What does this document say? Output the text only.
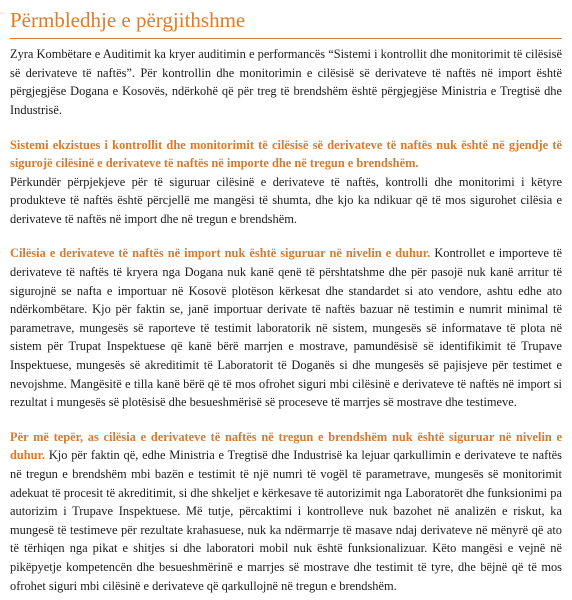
Përmbledhje e përgjithshme

Zyra Kombëtare e Auditimit ka kryer auditimin e performancës “Sistemi i kontrollit dhe monitorimit të cilësisë së derivateve të naftës”. Për kontrollin dhe monitorimin e cilësisë së derivateve të naftës në import është përgjegjëse Dogana e Kosovës, ndërkohë që për treg të brendshëm është përgjegjëse Ministria e Tregtisë dhe Industrisë.

Sistemi ekzistues i kontrollit dhe monitorimit të cilësisë së derivateve të naftës nuk është në gjendje të sigurojë cilësinë e derivateve të naftës në importe dhe në tregun e brendshëm.

Përkundër përpjekjeve për të siguruar cilësinë e derivateve të naftës, kontrolli dhe monitorimi i këtyre produkteve të naftës është përcjellë me mangësi të shumta, dhe kjo ka ndikuar që të mos sigurohet cilësia e derivateve të naftës në import dhe në tregun e brendshëm.

Cilësia e derivateve të naftës në import nuk është siguruar në nivelin e duhur. Kontrollet e importeve të derivateve të naftës të kryera nga Dogana nuk kanë qenë të përshtatshme dhe për pasojë nuk kanë arritur të sigurojnë se nafta e importuar në Kosovë plotëson kërkesat dhe standardet si ato vendore, ashtu edhe ato ndërkombëtare. Kjo për faktin se, janë importuar derivate të naftës bazuar në testimin e numrit minimal të parametrave, mungesës së raporteve të testimit laboratorik në sistem, mungesës së informatave të plota në sistem për Trupat Inspektuese që kanë bërë marrjen e mostrave, pamundësisë së identifikimit të Trupave Inspektuese, mungesës së akreditimit të Laboratorit të Doganës si dhe mungesës së pajisjeve për testimet e nevojshme. Mangësitë e tilla kanë bërë që të mos ofrohet siguri mbi cilësinë e derivateve të naftës në import si rezultat i mungesës së plotësisë dhe besueshmërisë së proceseve të marrjes së mostrave dhe testimeve.

Për më tepër, as cilësia e derivateve të naftës në tregun e brendshëm nuk është siguruar në nivelin e duhur. Kjo për faktin që, edhe Ministria e Tregtisë dhe Industrisë ka lejuar qarkullimin e derivateve te naftës në tregun e brendshëm mbi bazën e testimit të një numri të vogël të parametrave, mungesës së monitorimit adekuat të procesit të akreditimit, si dhe shkeljet e kërkesave të autorizimit nga Laboratorët dhe funksionimi pa autorizim i Trupave Inspektuese. Më tutje, përcaktimi i kontrolleve nuk bazohet në analizën e riskut, ka mungesë të testimeve për rezultate krahasuese, nuk ka ndërmarrje të masave ndaj derivateve në mënyrë që ato të tërhiqen nga pikat e shitjes si dhe laboratori mobil nuk është funksionalizuar. Këto mangësi e vejnë në pikëpyetje kompetencën dhe besueshmërinë e marrjes së mostrave dhe testimit të tyre, dhe bëjnë që të mos ofrohet siguri mbi cilësinë e derivateve që qarkullojnë në tregun e brendshëm.
